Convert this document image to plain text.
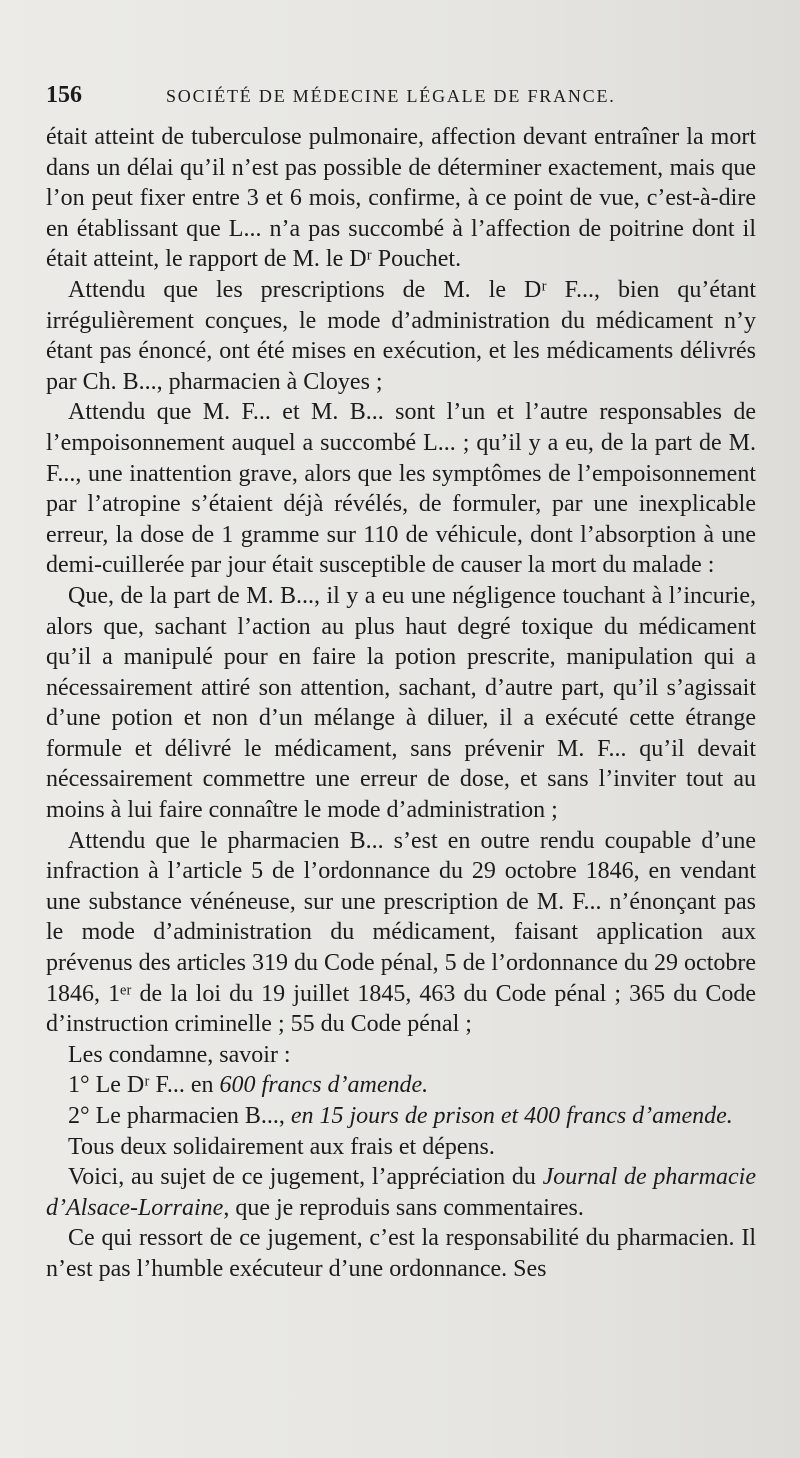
156	SOCIÉTÉ DE MÉDECINE LÉGALE DE FRANCE.

était atteint de tuberculose pulmonaire, affection devant entraîner la mort dans un délai qu’il n’est pas possible de déterminer exactement, mais que l’on peut fixer entre 3 et 6 mois, confirme, à ce point de vue, c’est-à-dire en établissant que L... n’a pas succombé à l’affection de poitrine dont il était atteint, le rapport de M. le Dʳ Pouchet.

Attendu que les prescriptions de M. le Dʳ F..., bien qu’étant irrégulièrement conçues, le mode d’administration du médicament n’y étant pas énoncé, ont été mises en exécution, et les médicaments délivrés par Ch. B..., pharmacien à Cloyes ;

Attendu que M. F... et M. B... sont l’un et l’autre responsables de l’empoisonnement auquel a succombé L... ; qu’il y a eu, de la part de M. F..., une inattention grave, alors que les symptômes de l’empoisonnement par l’atropine s’étaient déjà révélés, de formuler, par une inexplicable erreur, la dose de 1 gramme sur 110 de véhicule, dont l’absorption à une demi-cuillerée par jour était susceptible de causer la mort du malade :

Que, de la part de M. B..., il y a eu une négligence touchant à l’incurie, alors que, sachant l’action au plus haut degré toxique du médicament qu’il a manipulé pour en faire la potion prescrite, manipulation qui a nécessairement attiré son attention, sachant, d’autre part, qu’il s’agissait d’une potion et non d’un mélange à diluer, il a exécuté cette étrange formule et délivré le médicament, sans prévenir M. F... qu’il devait nécessairement commettre une erreur de dose, et sans l’inviter tout au moins à lui faire connaître le mode d’administration ;

Attendu que le pharmacien B... s’est en outre rendu coupable d’une infraction à l’article 5 de l’ordonnance du 29 octobre 1846, en vendant une substance vénéneuse, sur une prescription de M. F... n’énonçant pas le mode d’administration du médicament, faisant application aux prévenus des articles 319 du Code pénal, 5 de l’ordonnance du 29 octobre 1846, 1ᵉʳ de la loi du 19 juillet 1845, 463 du Code pénal ; 365 du Code d’instruction criminelle ; 55 du Code pénal ;

Les condamne, savoir :

1° Le Dʳ F... en 600 francs d’amende.

2° Le pharmacien B..., en 15 jours de prison et 400 francs d’amende.

Tous deux solidairement aux frais et dépens.

Voici, au sujet de ce jugement, l’appréciation du Journal de pharmacie d’Alsace-Lorraine, que je reproduis sans commentaires.

Ce qui ressort de ce jugement, c’est la responsabilité du pharmacien. Il n’est pas l’humble exécuteur d’une ordonnance. Ses
